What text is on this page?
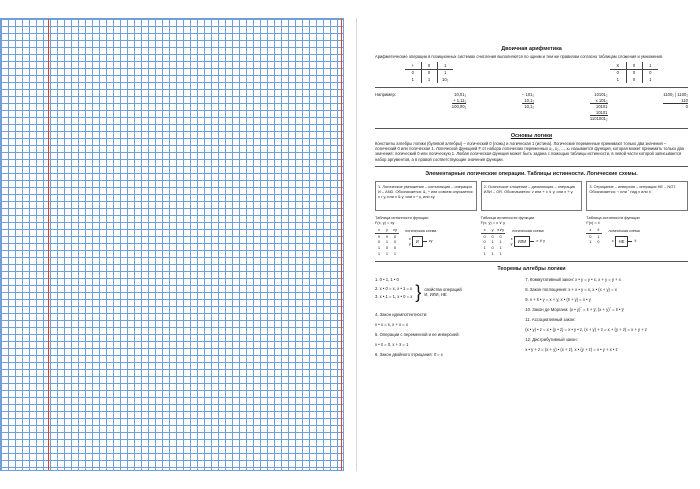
Двоичная арифметика
Арифметические операции в позиционных системах счисления выполняются по одним и тем же правилам согласно таблицам сложения и умножения.
+	0	1
0	0	1
1	1	10₂
X	0	1
0	0	0
1	0	1
Например:	10,01₂
+ 1,11₂
100,00₂
– 101₂
10,1₂
10,1₂
10101₂
x 101₂
10101
10101
1101001₂
1100₂ | 1100₂
110
0
Основы логики
Константы алгебры логики (булевой алгебры) – логический 0 (ложь) и логическая 1 (истина). Логические переменные принимают только два значения – логический 0 или логическая 1. Логической функцией F от набора логических переменных x₁, x₂, ..., xₙ называется функция, которая может принимать только два значения: логический 0 или логическую 1. Любая логическая функция может быть задана с помощью таблицы истинности, в левой части которой записывается набор аргументов, а в правой соответствующие значения функции.
Элементарные логические операции. Таблицы истинности. Логические схемы.
1. Логическое умножение – конъюнкция – операция И – AND. Обозначается: &, ^ или совсем опускается: x • y, или x & y, или x ^ y, или xy.
2. Логическое сложение – дизъюнкция – операция ИЛИ – OR. Обозначается: v или + x ∨ y, или x + y.
3. Отрицание – инверсия – операция НЕ – NOT. Обозначается: ¬ или ˉ над x или x'.
Таблица истинности функции
F(x, y) = xy
x	y	xy
0	0	0
0	1	0
1	0	0
1	1	1
логическая схема
x
y	И	xy
Таблица истинности функции
F(x, y) = x ∨ y
x	y	x∨y
0	0	0
0	1	1
1	0	1
1	1	1
логическая схема
x
y	ИЛИ	x ∨ y
Таблица истинности функции
F(x) = x̄
x	x̄
0	1
1	0
логическая схема
x	НЕ	x̄
Теоремы алгебры логики
1. 0 • 1, 1 • 0
2. x • 0 = x, x • 1 = x
3. x • 1 = 1, x • 0 = x } свойства операций И, ИЛИ, НЕ
4. Закон идемпотентности:
x • x = x, x + x = x
5. Операции с переменной и ее инверсией:
x • x̄ = 0, x + x̄ = 1
6. Закон двойного отрицания: x̄̄ = x
7. Коммутативный закон: x • y = y • x, x + y = y + x
8. Закон поглощения: x + x • y = x, x • (x + y) = x
9. x + x̄ • y = x + y, x • (x̄ + y) = x • y
10. Закон де Моргана: (x • y)‾ = x̄ + ȳ, (x + y)‾ = x̄ • ȳ
11. Ассоциативный закон:
(x • y) • z = x • (y • z) = x • y • z, (x + y) + z = x + (y + z) = x + y + z
12. Дистрибутивный закон:
x • y + z = (x + y) • (x + z), x • (y + z) = x • y + x • z
